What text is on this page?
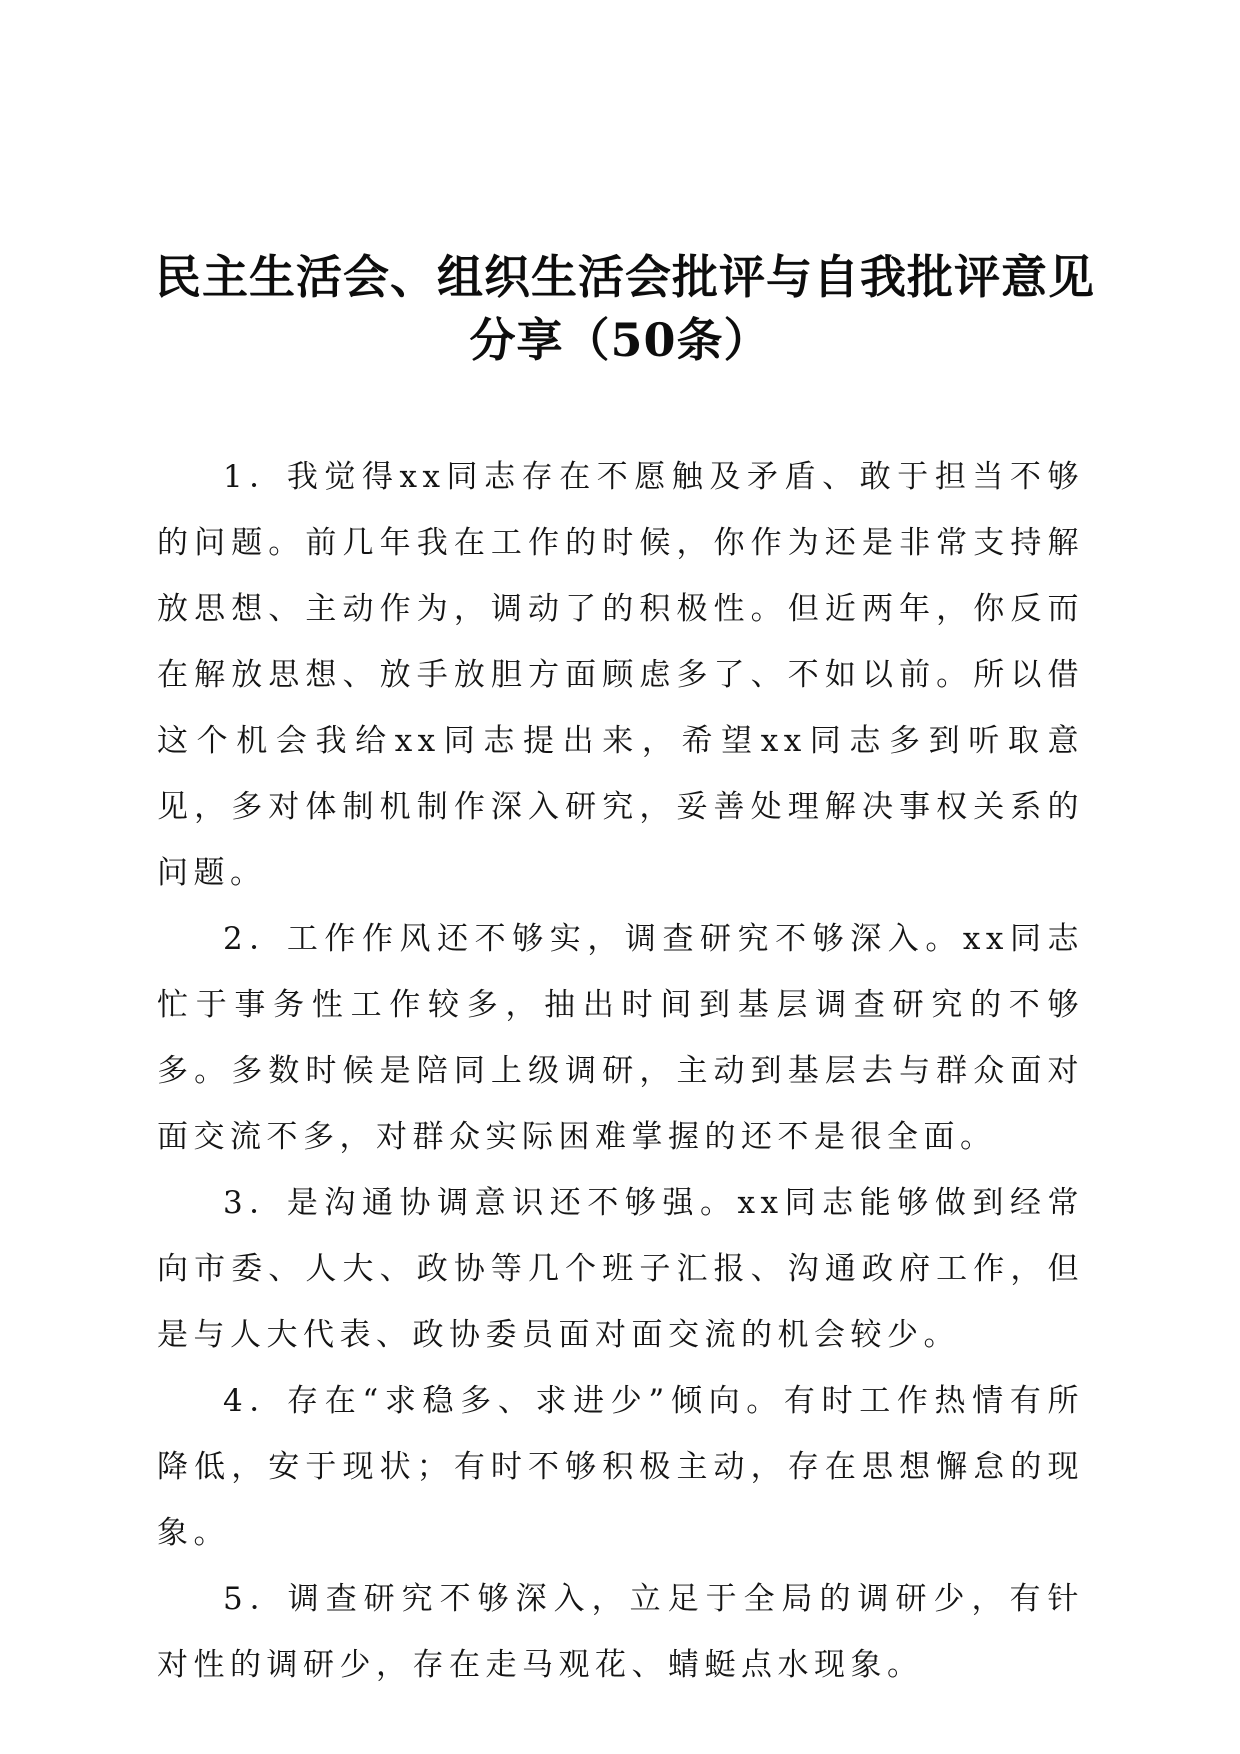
民主生活会、组织生活会批评与自我批评意见
分享（50条）

1．我觉得xx同志存在不愿触及矛盾、敢于担当不够的问题。前几年我在工作的时候，你作为还是非常支持解放思想、主动作为，调动了的积极性。但近两年，你反而在解放思想、放手放胆方面顾虑多了、不如以前。所以借这个机会我给xx同志提出来，希望xx同志多到听取意见，多对体制机制作深入研究，妥善处理解决事权关系的问题。

2．工作作风还不够实，调查研究不够深入。xx同志忙于事务性工作较多，抽出时间到基层调查研究的不够多。多数时候是陪同上级调研，主动到基层去与群众面对面交流不多，对群众实际困难掌握的还不是很全面。

3．是沟通协调意识还不够强。xx同志能够做到经常向市委、人大、政协等几个班子汇报、沟通政府工作，但是与人大代表、政协委员面对面交流的机会较少。

4．存在“求稳多、求进少”倾向。有时工作热情有所降低，安于现状；有时不够积极主动，存在思想懈怠的现象。

5．调查研究不够深入，立足于全局的调研少，有针对性的调研少，存在走马观花、蜻蜓点水现象。
